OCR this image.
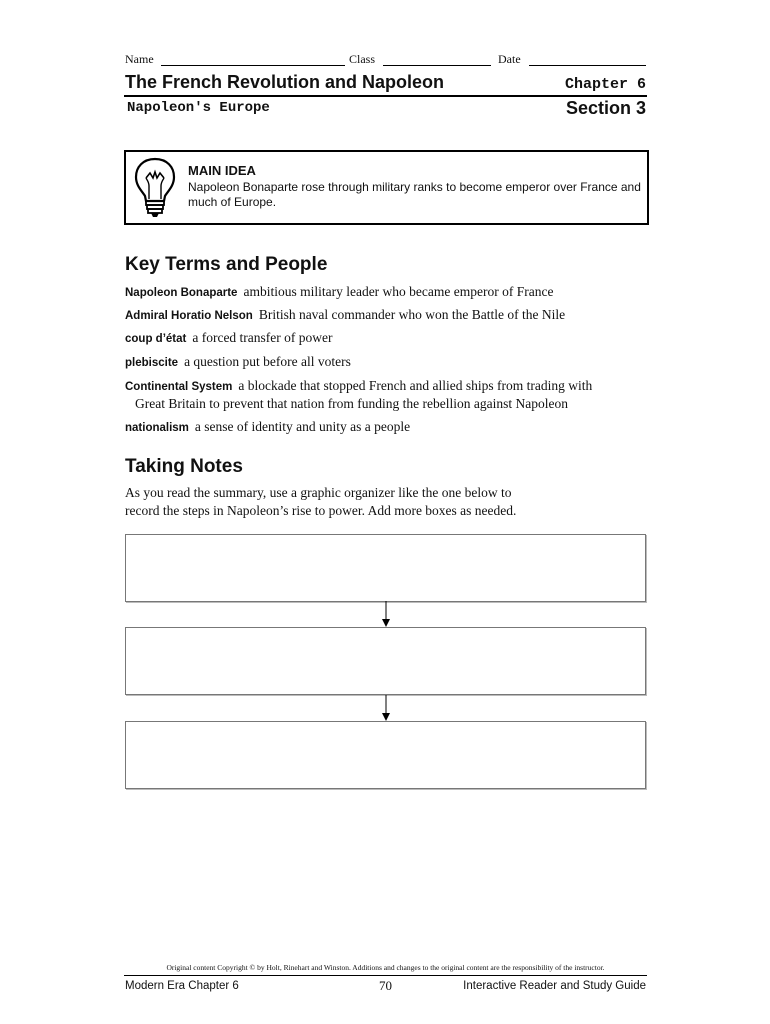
Name	Class	Date
The French Revolution and Napoleon	Chapter 6
Napoleon's Europe	Section 3
MAIN IDEA
Napoleon Bonaparte rose through military ranks to become emperor over France and much of Europe.
Key Terms and People
Napoleon Bonaparte ambitious military leader who became emperor of France
Admiral Horatio Nelson British naval commander who won the Battle of the Nile
coup d’état a forced transfer of power
plebiscite a question put before all voters
Continental System a blockade that stopped French and allied ships from trading with
Great Britain to prevent that nation from funding the rebellion against Napoleon
nationalism a sense of identity and unity as a people
Taking Notes
As you read the summary, use a graphic organizer like the one below to
record the steps in Napoleon’s rise to power. Add more boxes as needed.
Original content Copyright © by Holt, Rinehart and Winston. Additions and changes to the original content are the responsibility of the instructor.
Modern Era Chapter 6	70	Interactive Reader and Study Guide
